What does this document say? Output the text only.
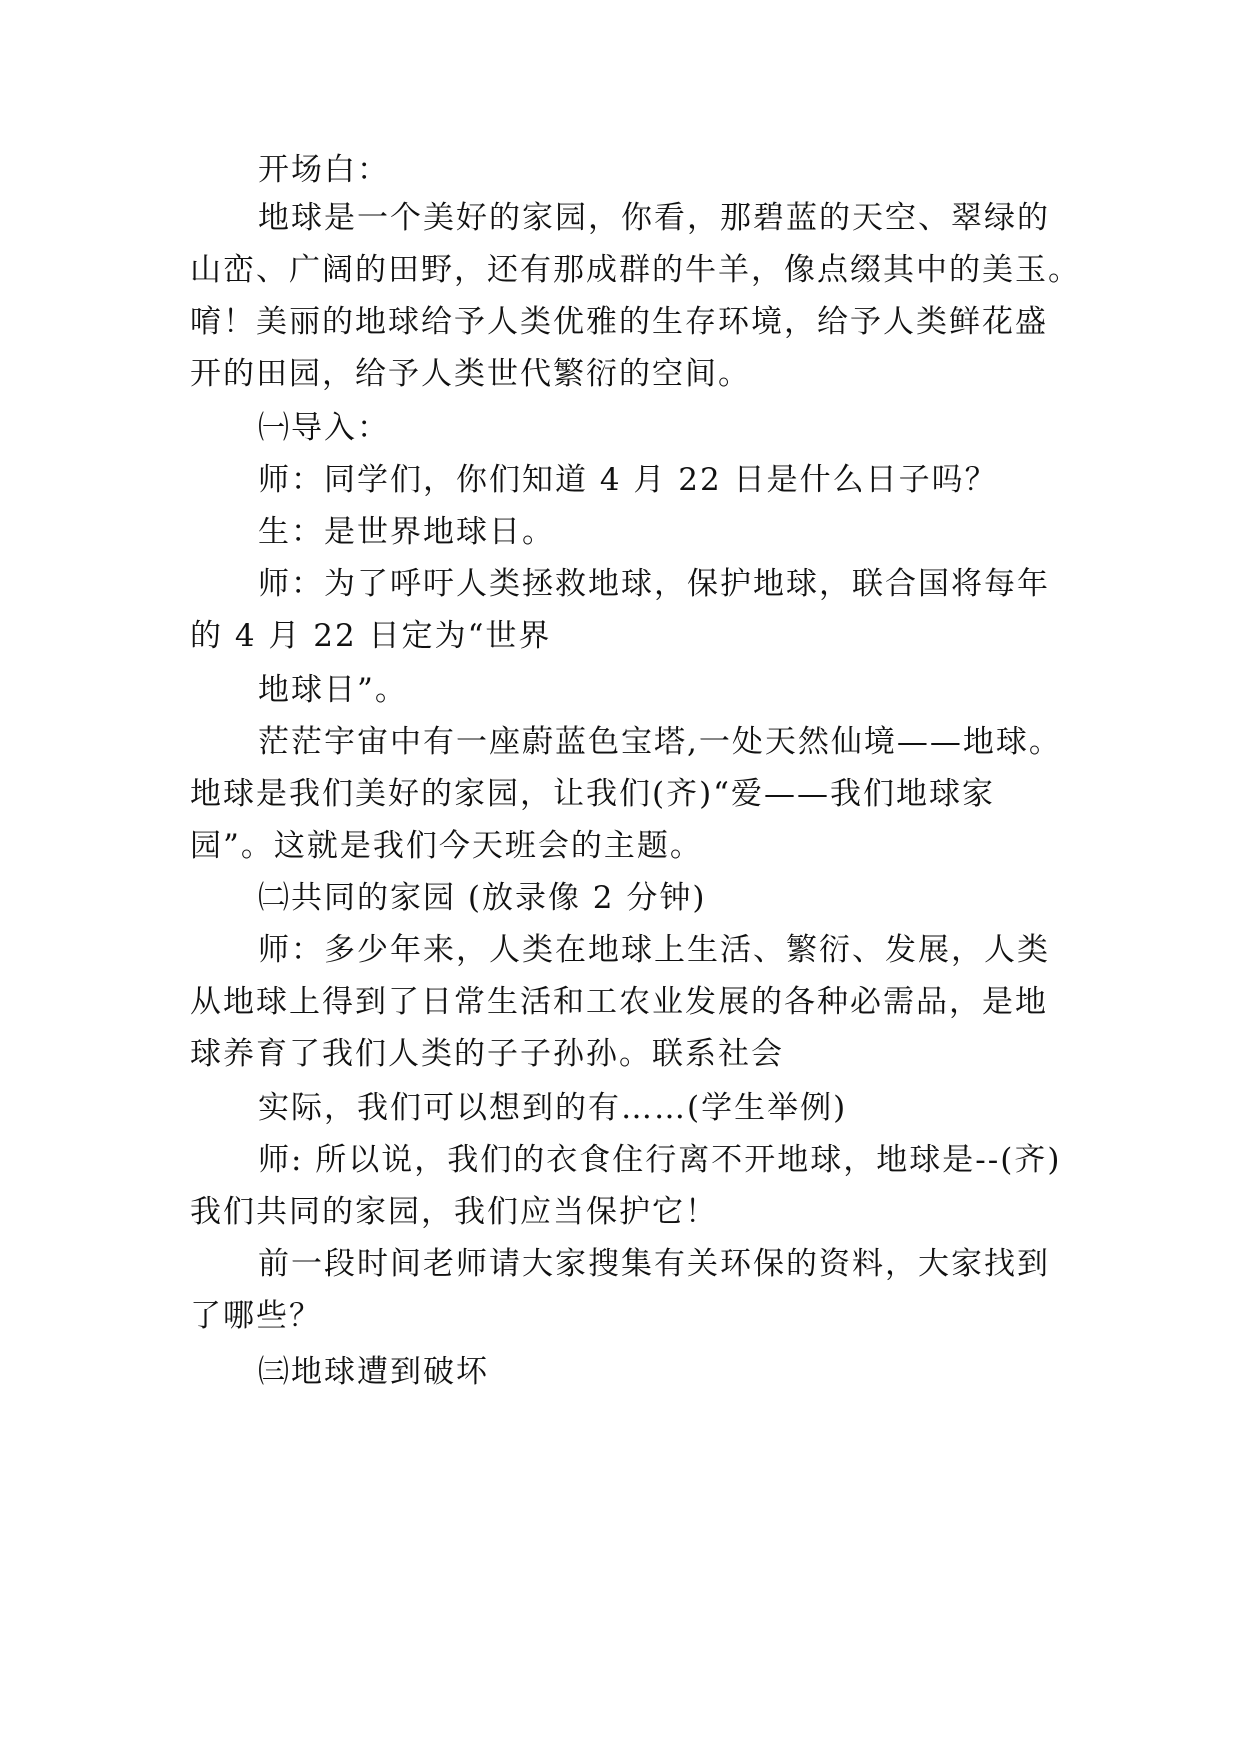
开场白：
地球是一个美好的家园，你看，那碧蓝的天空、翠绿的
山峦、广阔的田野，还有那成群的牛羊，像点缀其中的美玉。
唷！美丽的地球给予人类优雅的生存环境，给予人类鲜花盛
开的田园，给予人类世代繁衍的空间。
㈠导入：
师：同学们，你们知道 4 月 22 日是什么日子吗？
生：是世界地球日。
师：为了呼吁人类拯救地球，保护地球，联合国将每年
的 4 月 22 日定为“世界
地球日”。
茫茫宇宙中有一座蔚蓝色宝塔,一处天然仙境——地球。
地球是我们美好的家园，让我们(齐)“爱——我们地球家
园”。这就是我们今天班会的主题。
㈡共同的家园 (放录像 2 分钟)
师：多少年来，人类在地球上生活、繁衍、发展，人类
从地球上得到了日常生活和工农业发展的各种必需品，是地
球养育了我们人类的子子孙孙。联系社会
实际，我们可以想到的有……(学生举例)
师: 所以说，我们的衣食住行离不开地球，地球是--(齐)
我们共同的家园，我们应当保护它！
前一段时间老师请大家搜集有关环保的资料，大家找到
了哪些？
㈢地球遭到破坏
